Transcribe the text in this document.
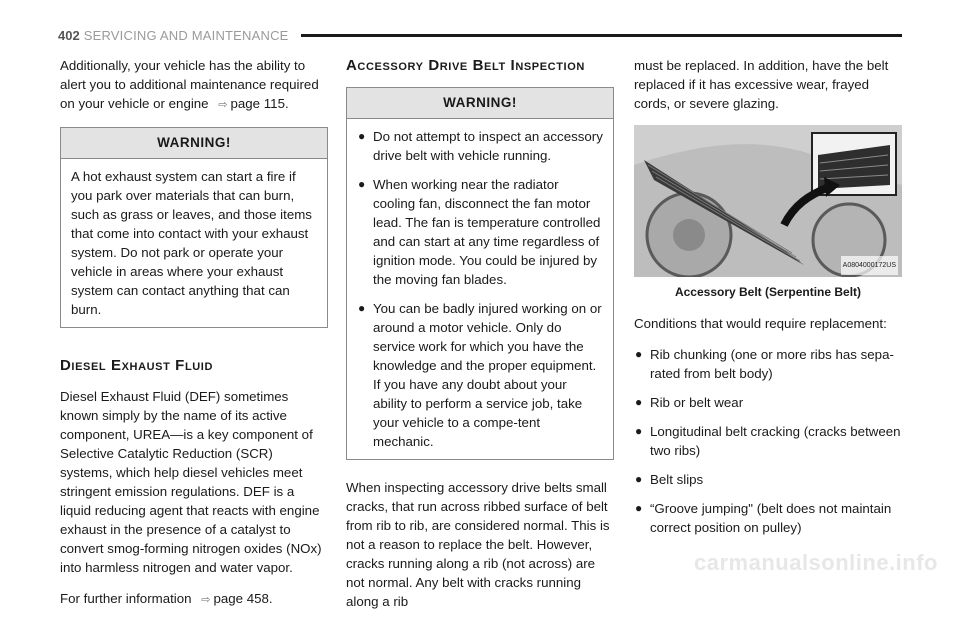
402 SERVICING AND MAINTENANCE

Additionally, your vehicle has the ability to alert you to additional maintenance required on your vehicle or engine ⇨ page 115.

WARNING!
A hot exhaust system can start a fire if you park over materials that can burn, such as grass or leaves, and those items that come into contact with your exhaust system. Do not park or operate your vehicle in areas where your exhaust system can contact anything that can burn.
Diesel Exhaust Fluid

Diesel Exhaust Fluid (DEF) sometimes known simply by the name of its active component, UREA—is a key component of Selective Catalytic Reduction (SCR) systems, which help diesel vehicles meet stringent emission regulations. DEF is a liquid reducing agent that reacts with engine exhaust in the presence of a catalyst to convert smog-forming nitrogen oxides (NOx) into harmless nitrogen and water vapor.

For further information ⇨ page 458.

Accessory Drive Belt Inspection
WARNING!
● Do not attempt to inspect an accessory drive belt with vehicle running.
● When working near the radiator cooling fan, disconnect the fan motor lead. The fan is temperature controlled and can start at any time regardless of ignition mode. You could be injured by the moving fan blades.
● You can be badly injured working on or around a motor vehicle. Only do service work for which you have the knowledge and the proper equipment. If you have any doubt about your ability to perform a service job, take your vehicle to a compe-tent mechanic.

When inspecting accessory drive belts small cracks, that run across ribbed surface of belt from rib to rib, are considered normal. This is not a reason to replace the belt. However, cracks running along a rib (not across) are not normal. Any belt with cracks running along a rib

must be replaced. In addition, have the belt replaced if it has excessive wear, frayed cords, or severe glazing.

A0804000172US
Accessory Belt (Serpentine Belt)

Conditions that would require replacement:

● Rib chunking (one or more ribs has sepa-rated from belt body)
● Rib or belt wear
● Longitudinal belt cracking (cracks between two ribs)
● Belt slips
● “Groove jumping" (belt does not maintain correct position on pulley)
carmanualsonline.info
